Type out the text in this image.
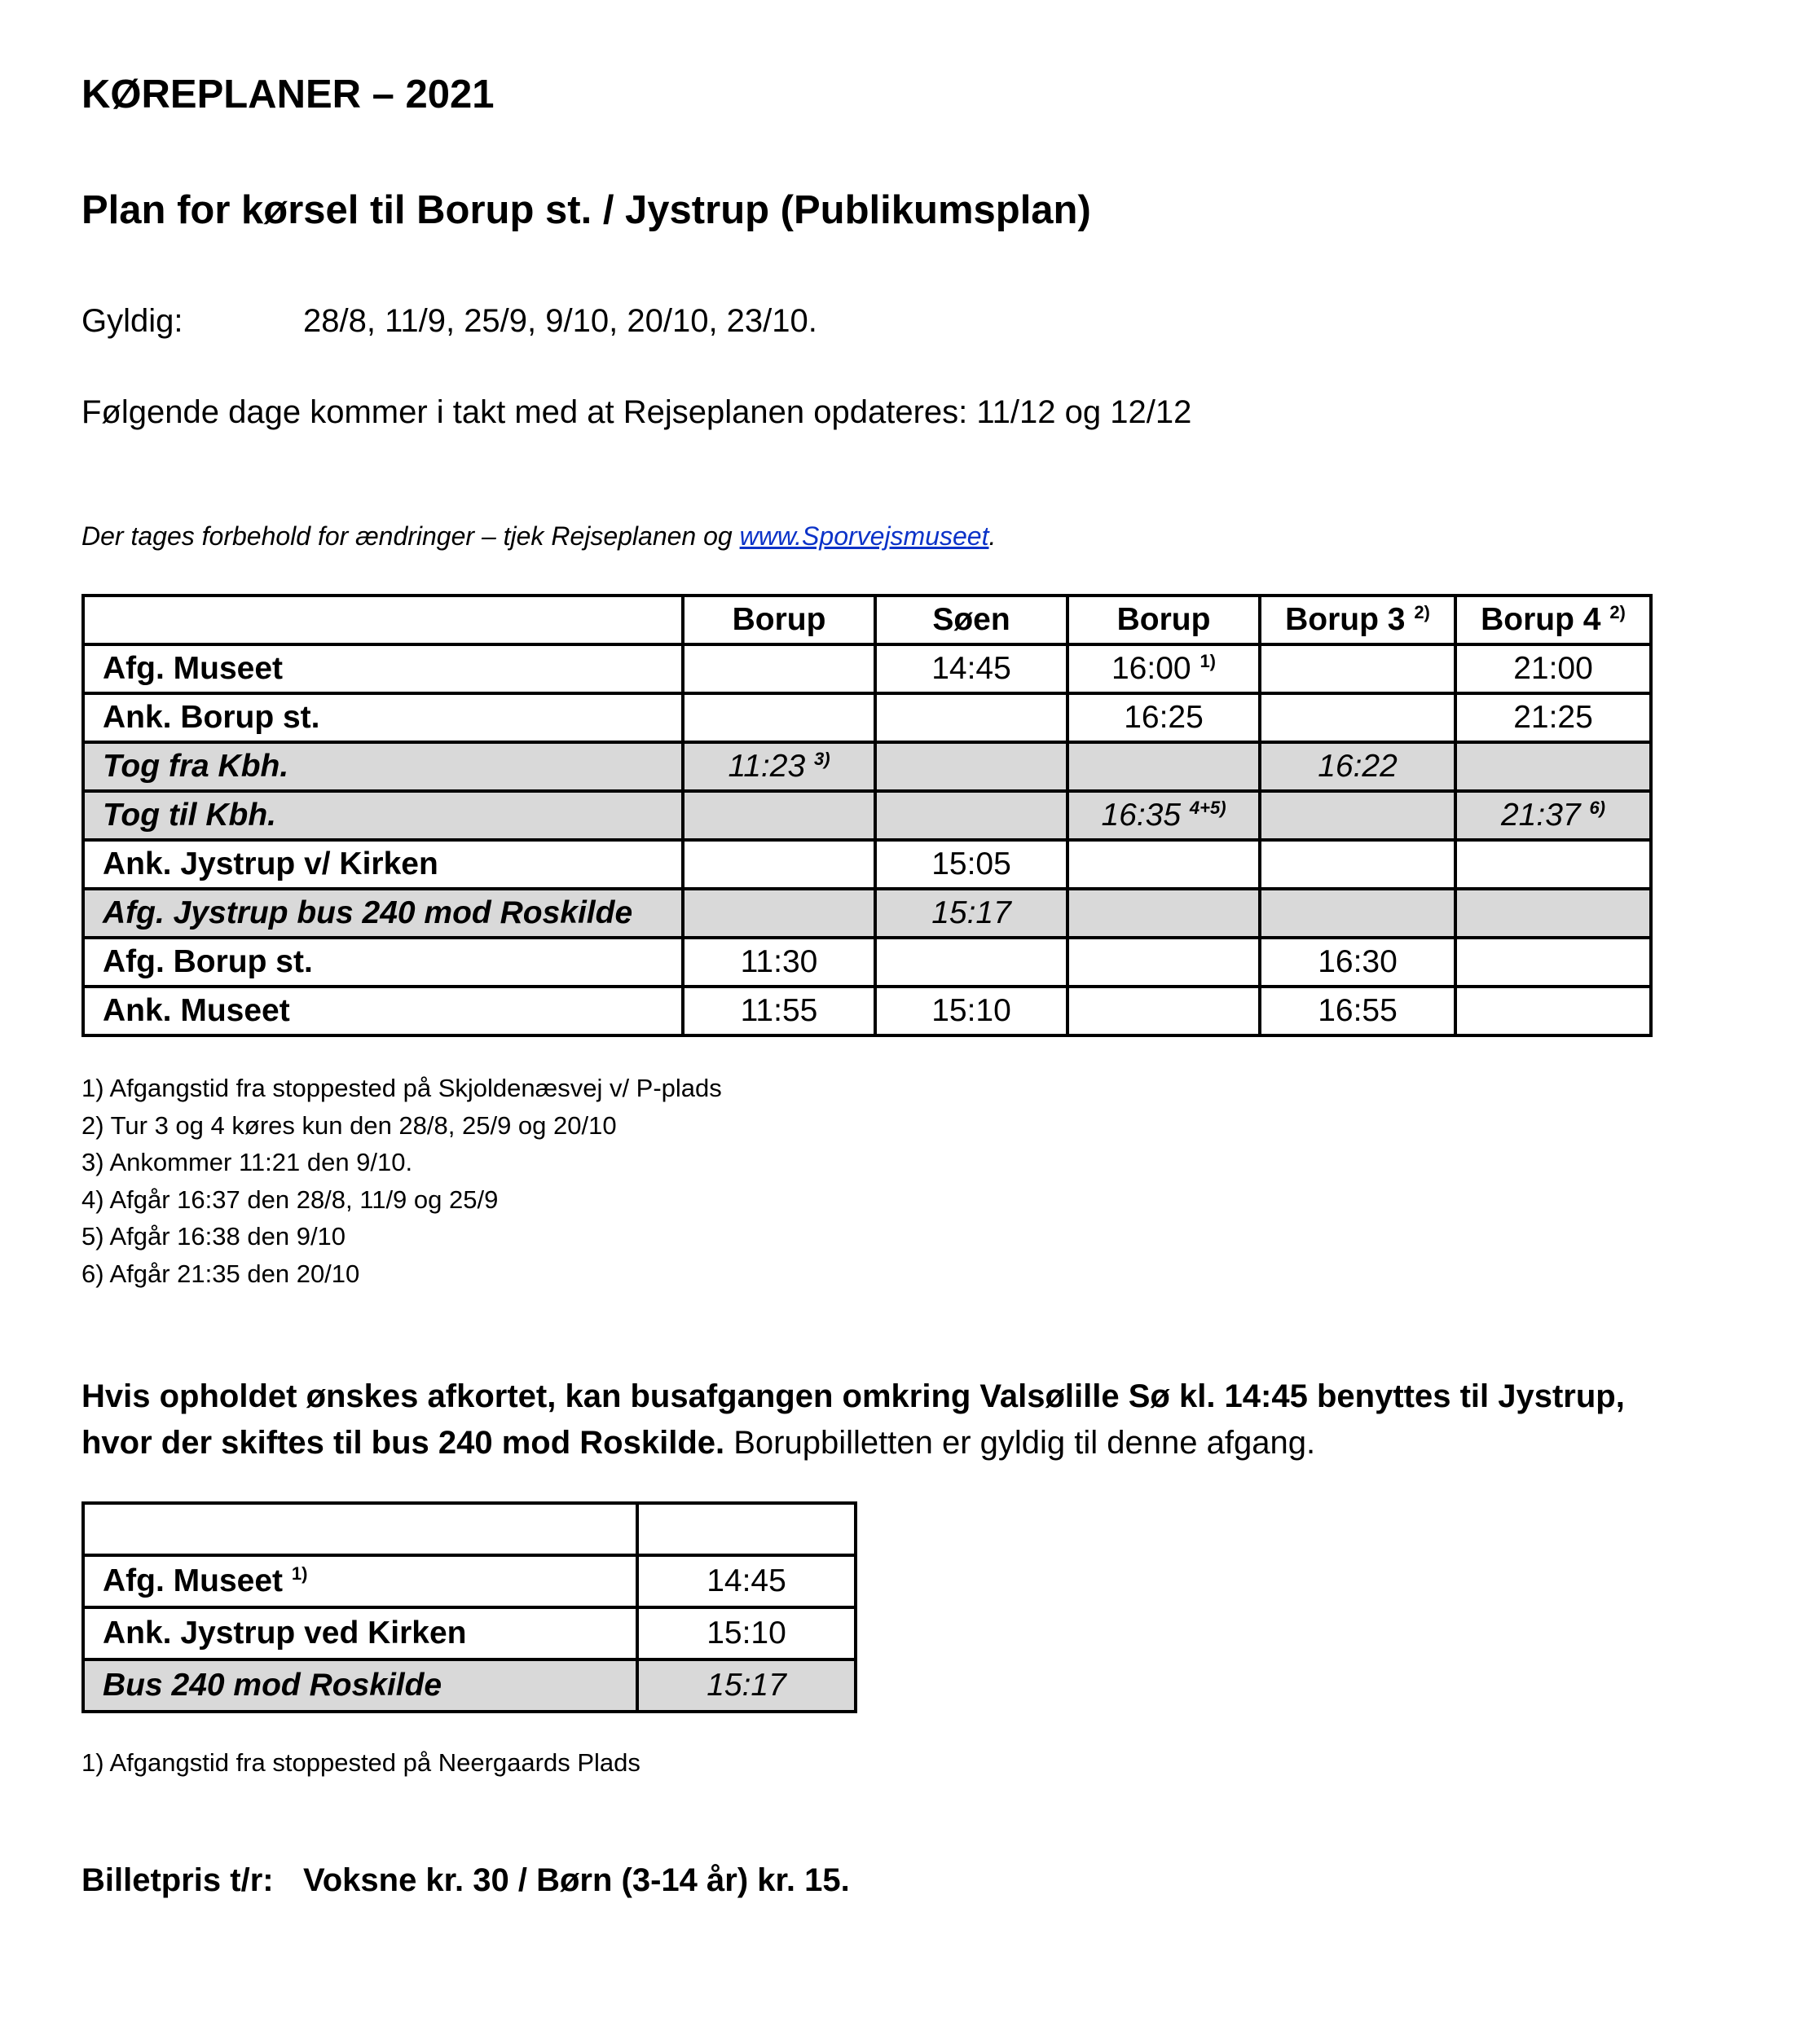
KØREPLANER – 2021
Plan for kørsel til Borup st. / Jystrup (Publikumsplan)
Gyldig:	28/8, 11/9, 25/9, 9/10, 20/10, 23/10.
Følgende dage kommer i takt med at Rejseplanen opdateres: 11/12 og 12/12
Der tages forbehold for ændringer – tjek Rejseplanen og www.Sporvejsmuseet.
	Borup	Søen	Borup	Borup 3 $^{2)}$	Borup 4 $^{2)}$
Afg. Museet		14:45	16:00 $^{1)}$		21:00
Ank. Borup st.			16:25		21:25
Tog fra Kbh.	11:23 $^{3)}$			16:22	
Tog til Kbh.			16:35 $^{4+5)}$		21:37 $^{6)}$
Ank. Jystrup v/ Kirken		15:05			
Afg. Jystrup bus 240 mod Roskilde		15:17			
Afg. Borup st.	11:30			16:30	
Ank. Museet	11:55	15:10		16:55	
1) Afgangstid fra stoppested på Skjoldenæsvej v/ P-plads
2) Tur 3 og 4 køres kun den 28/8, 25/9 og 20/10
3) Ankommer 11:21 den 9/10.
4) Afgår 16:37 den 28/8, 11/9 og 25/9
5) Afgår 16:38 den 9/10
6) Afgår 21:35 den 20/10
Hvis opholdet ønskes afkortet, kan busafgangen omkring Valsølille Sø kl. 14:45 benyttes til Jystrup,
hvor der skiftes til bus 240 mod Roskilde. Borupbilletten er gyldig til denne afgang.

Afg. Museet $^{1)}$	14:45
Ank. Jystrup ved Kirken	15:10
Bus 240 mod Roskilde	15:17
1) Afgangstid fra stoppested på Neergaards Plads
Billetpris t/r: Voksne kr. 30 / Børn (3-14 år) kr. 15.
